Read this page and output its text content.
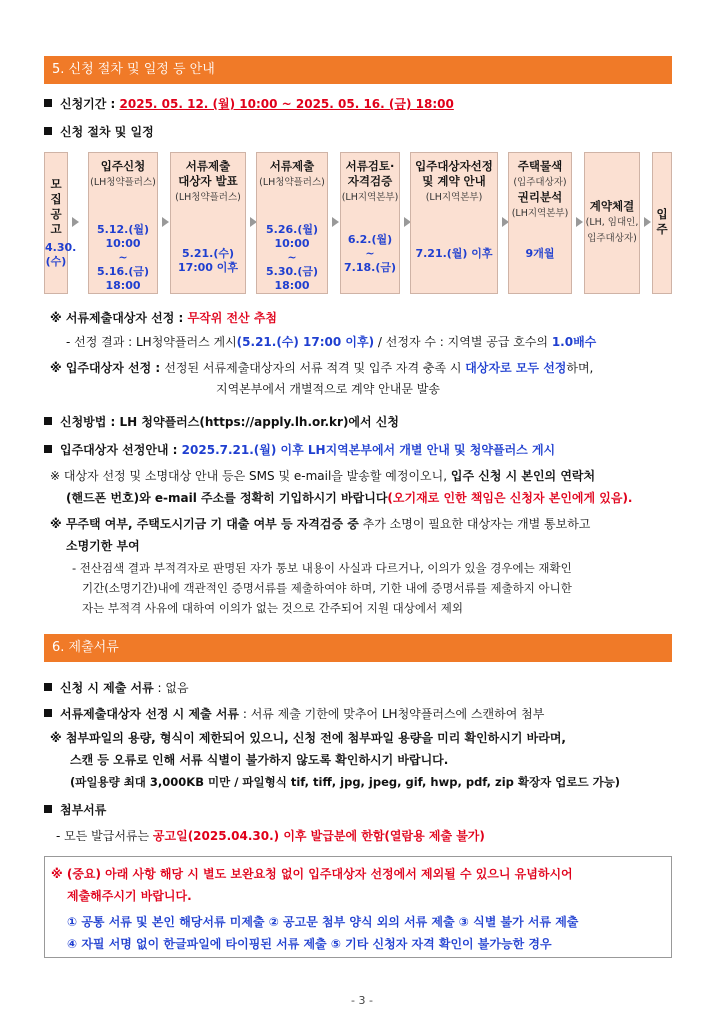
5. 신청 절차 및 일정 등 안내
신청기간 : 2025. 05. 12. (월) 10:00 ~ 2025. 05. 16. (금) 18:00
신청 절차 및 일정
모집
공고
4.30.
(수)
입주신청
(LH청약플러스)
5.12.(월)
10:00
~
5.16.(금)
18:00
서류제출
대상자 발표
(LH청약플러스)
5.21.(수)
17:00 이후
서류제출
(LH청약플러스)
5.26.(월)
10:00
~
5.30.(금)
18:00
서류검토·
자격검증
(LH지역본부)
6.2.(월)
~
7.18.(금)
입주대상자선정
및 계약 안내
(LH지역본부)
7.21.(월) 이후
주택물색
(입주대상자)
권리분석
(LH지역본부)
9개월
계약체결
(LH, 임대인,
입주대상자)
입
주
※ 서류제출대상자 선정 : 무작위 전산 추첨
- 선정 결과 : LH청약플러스 게시(5.21.(수) 17:00 이후) / 선정자 수 : 지역별 공급 호수의 1.0배수
※ 입주대상자 선정 : 선정된 서류제출대상자의 서류 적격 및 입주 자격 충족 시 대상자로 모두 선정하며,
지역본부에서 개별적으로 계약 안내문 발송
신청방법 : LH 청약플러스(https://apply.lh.or.kr)에서 신청
입주대상자 선정안내 : 2025.7.21.(월) 이후 LH지역본부에서 개별 안내 및 청약플러스 게시
※ 대상자 선정 및 소명대상 안내 등은 SMS 및 e-mail을 발송할 예정이오니, 입주 신청 시 본인의 연락처
(핸드폰 번호)와 e-mail 주소를 정확히 기입하시기 바랍니다(오기재로 인한 책임은 신청자 본인에게 있음).
※ 무주택 여부, 주택도시기금 기 대출 여부 등 자격검증 중 추가 소명이 필요한 대상자는 개별 통보하고
소명기한 부여
- 전산검색 결과 부적격자로 판명된 자가 통보 내용이 사실과 다르거나, 이의가 있을 경우에는 재확인
기간(소명기간)내에 객관적인 증명서류를 제출하여야 하며, 기한 내에 증명서류를 제출하지 아니한
자는 부적격 사유에 대하여 이의가 없는 것으로 간주되어 지원 대상에서 제외
6. 제출서류
신청 시 제출 서류 : 없음
서류제출대상자 선정 시 제출 서류 : 서류 제출 기한에 맞추어 LH청약플러스에 스캔하여 첨부
※ 첨부파일의 용량, 형식이 제한되어 있으니, 신청 전에 첨부파일 용량을 미리 확인하시기 바라며,
스캔 등 오류로 인해 서류 식별이 불가하지 않도록 확인하시기 바랍니다.
(파일용량 최대 3,000KB 미만 / 파일형식 tif, tiff, jpg, jpeg, gif, hwp, pdf, zip 확장자 업로드 가능)
첨부서류
- 모든 발급서류는 공고일(2025.04.30.) 이후 발급분에 한함(열람용 제출 불가)
※ (중요) 아래 사항 해당 시 별도 보완요청 없이 입주대상자 선정에서 제외될 수 있으니 유념하시어
제출해주시기 바랍니다.
① 공통 서류 및 본인 해당서류 미제출 ② 공고문 첨부 양식 외의 서류 제출 ③ 식별 불가 서류 제출
④ 자필 서명 없이 한글파일에 타이핑된 서류 제출 ⑤ 기타 신청자 자격 확인이 불가능한 경우
- 3 -
